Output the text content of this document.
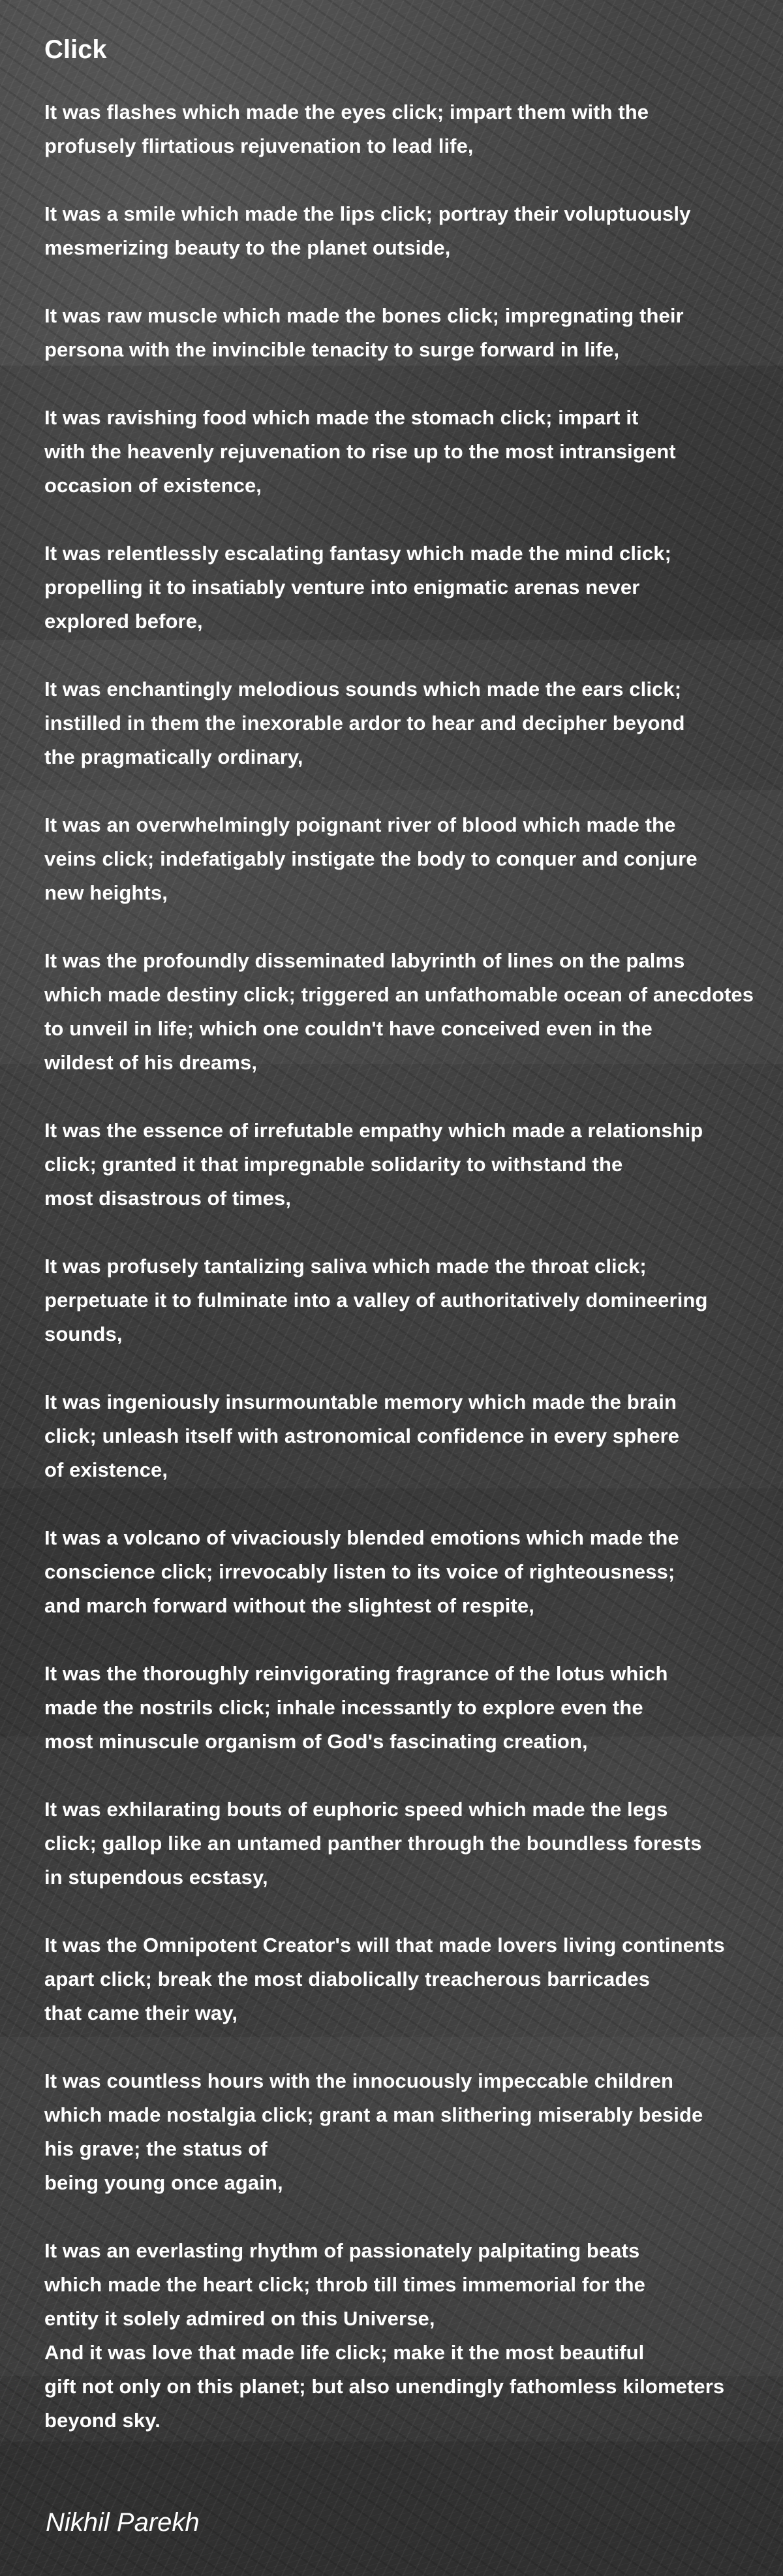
Click

It was flashes which made the eyes click; impart them with the
profusely flirtatious rejuvenation to lead life,

It was a smile which made the lips click; portray their voluptuously
mesmerizing beauty to the planet outside,

It was raw muscle which made the bones click; impregnating their
persona with the invincible tenacity to surge forward in life,

It was ravishing food which made the stomach click; impart it
with the heavenly rejuvenation to rise up to the most intransigent
occasion of existence,

It was relentlessly escalating fantasy which made the mind click;
propelling it to insatiably venture into enigmatic arenas never
explored before,

It was enchantingly melodious sounds which made the ears click;
instilled in them the inexorable ardor to hear and decipher beyond
the pragmatically ordinary,

It was an overwhelmingly poignant river of blood which made the
veins click; indefatigably instigate the body to conquer and conjure
new heights,

It was the profoundly disseminated labyrinth of lines on the palms
which made destiny click; triggered an unfathomable ocean of anecdotes
to unveil in life; which one couldn't have conceived even in the
wildest of his dreams,

It was the essence of irrefutable empathy which made a relationship
click; granted it that impregnable solidarity to withstand the
most disastrous of times,

It was profusely tantalizing saliva which made the throat click;
perpetuate it to fulminate into a valley of authoritatively domineering
sounds,

It was ingeniously insurmountable memory which made the brain
click; unleash itself with astronomical confidence in every sphere
of existence,

It was a volcano of vivaciously blended emotions which made the
conscience click; irrevocably listen to its voice of righteousness;
and march forward without the slightest of respite,

It was the thoroughly reinvigorating fragrance of the lotus which
made the nostrils click; inhale incessantly to explore even the
most minuscule organism of God's fascinating creation,

It was exhilarating bouts of euphoric speed which made the legs
click; gallop like an untamed panther through the boundless forests
in stupendous ecstasy,

It was the Omnipotent Creator's will that made lovers living continents
apart click; break the most diabolically treacherous barricades
that came their way,

It was countless hours with the innocuously impeccable children
which made nostalgia click; grant a man slithering miserably beside
his grave; the status of
being young once again,

It was an everlasting rhythm of passionately palpitating beats
which made the heart click; throb till times immemorial for the
entity it solely admired on this Universe,
And it was love that made life click; make it the most beautiful
gift not only on this planet; but also unendingly fathomless kilometers
beyond sky.

Nikhil Parekh
